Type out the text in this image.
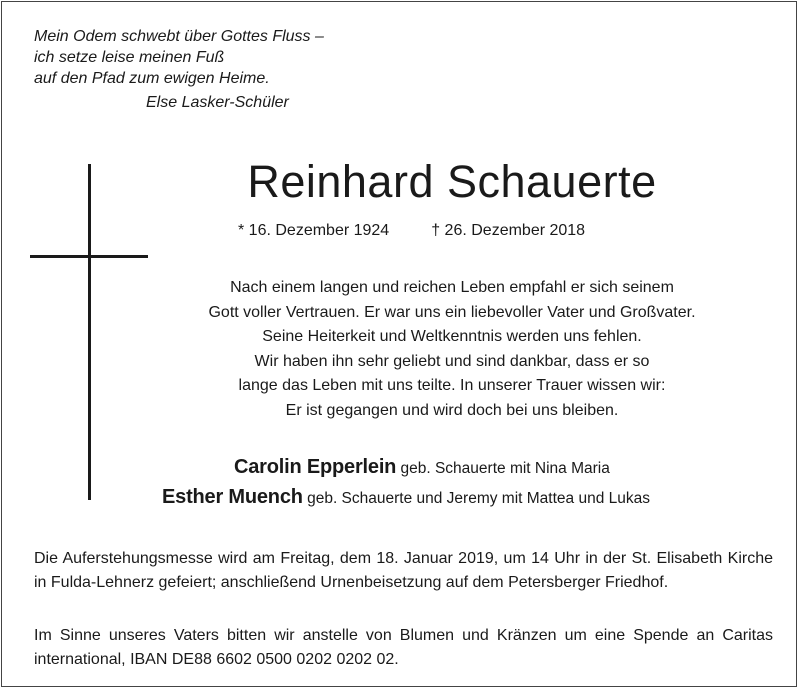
Mein Odem schwebt über Gottes Fluss –
ich setze leise meinen Fuß
auf den Pfad zum ewigen Heime.
Else Lasker-Schüler
Reinhard Schauerte
* 16. Dezember 1924	† 26. Dezember 2018
Nach einem langen und reichen Leben empfahl er sich seinem
Gott voller Vertrauen. Er war uns ein liebevoller Vater und Großvater.
Seine Heiterkeit und Weltkenntnis werden uns fehlen.
Wir haben ihn sehr geliebt und sind dankbar, dass er so
lange das Leben mit uns teilte. In unserer Trauer wissen wir:
Er ist gegangen und wird doch bei uns bleiben.
Carolin Epperlein geb. Schauerte mit Nina Maria
Esther Muench geb. Schauerte und Jeremy mit Mattea und Lukas

Die Auferstehungsmesse wird am Freitag, dem 18. Januar 2019, um 14 Uhr in der St. Elisabeth Kirche in Fulda-Lehnerz gefeiert; anschließend Urnenbeisetzung auf dem Petersberger Friedhof.

Im Sinne unseres Vaters bitten wir anstelle von Blumen und Kränzen um eine Spende an Caritas international, IBAN DE88 6602 0500 0202 0202 02.
